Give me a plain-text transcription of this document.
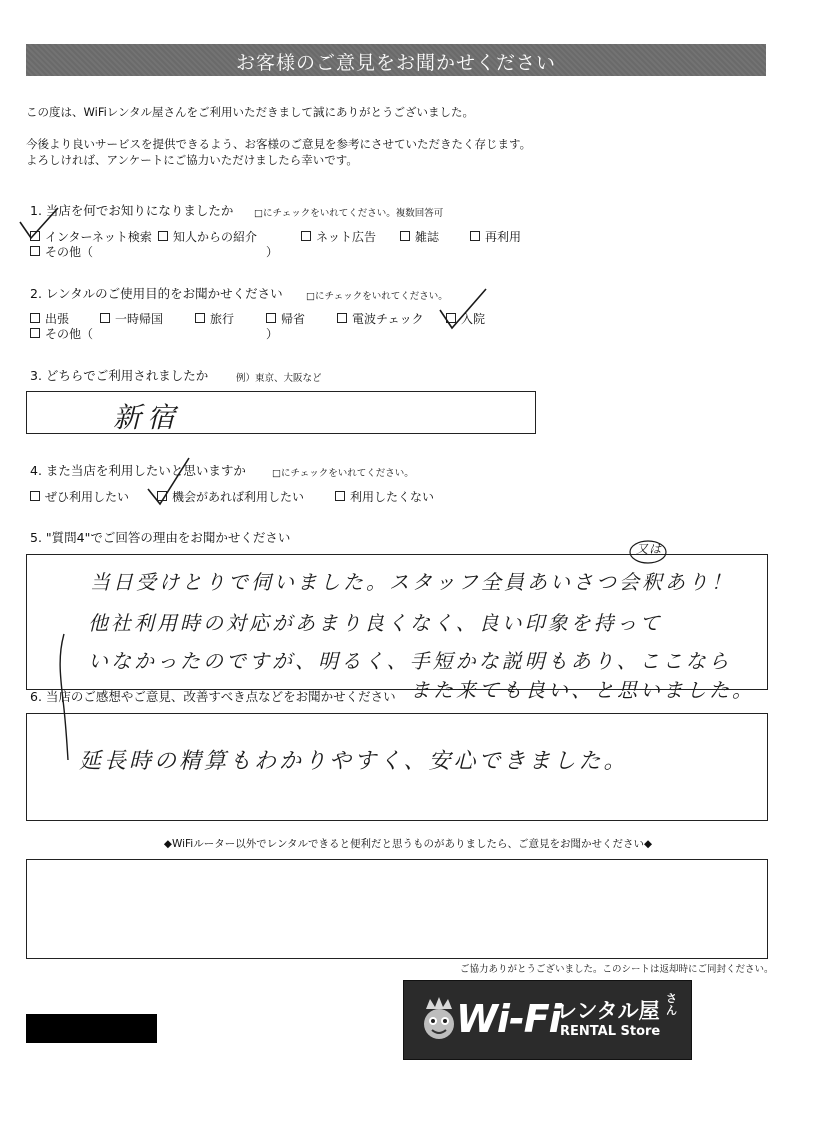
お客様のご意見をお聞かせください
この度は、WiFiレンタル屋さんをご利用いただきまして誠にありがとうございました。
今後より良いサービスを提供できるよう、お客様のご意見を参考にさせていただきたく存じます。
よろしければ、アンケートにご協力いただけましたら幸いです。
1. 当店を何でお知りになりましたか □にチェックをいれてください。複数回答可
インターネット検索	知人からの紹介	ネット広告	雑誌	再利用
その他（	）
2. レンタルのご使用目的をお聞かせください □にチェックをいれてください。
出張	一時帰国	旅行	帰省	電波チェック	入院
その他（	）
3. どちらでご利用されましたか	例）東京、大阪など
新宿
4. また当店を利用したいと思いますか	□にチェックをいれてください。
ぜひ利用したい	機会があれば利用したい	利用したくない
5. "質問4"でご回答の理由をお聞かせください
又は
当日受けとりで伺いました。スタッフ全員あいさつ会釈あり！
他社利用時の対応があまり良くなく、良い印象を持って
いなかったのですが、明るく、手短かな説明もあり、ここなら
また来ても良い、と思いました。
6. 当店のご感想やご意見、改善すべき点などをお聞かせください
延長時の精算もわかりやすく、安心できました。
◆WiFiルーター以外でレンタルできると便利だと思うものがありましたら、ご意見をお聞かせください◆
ご協力ありがとうございました。このシートは返却時にご同封ください。
Wi-Fi
レンタル屋
さん
RENTAL Store
